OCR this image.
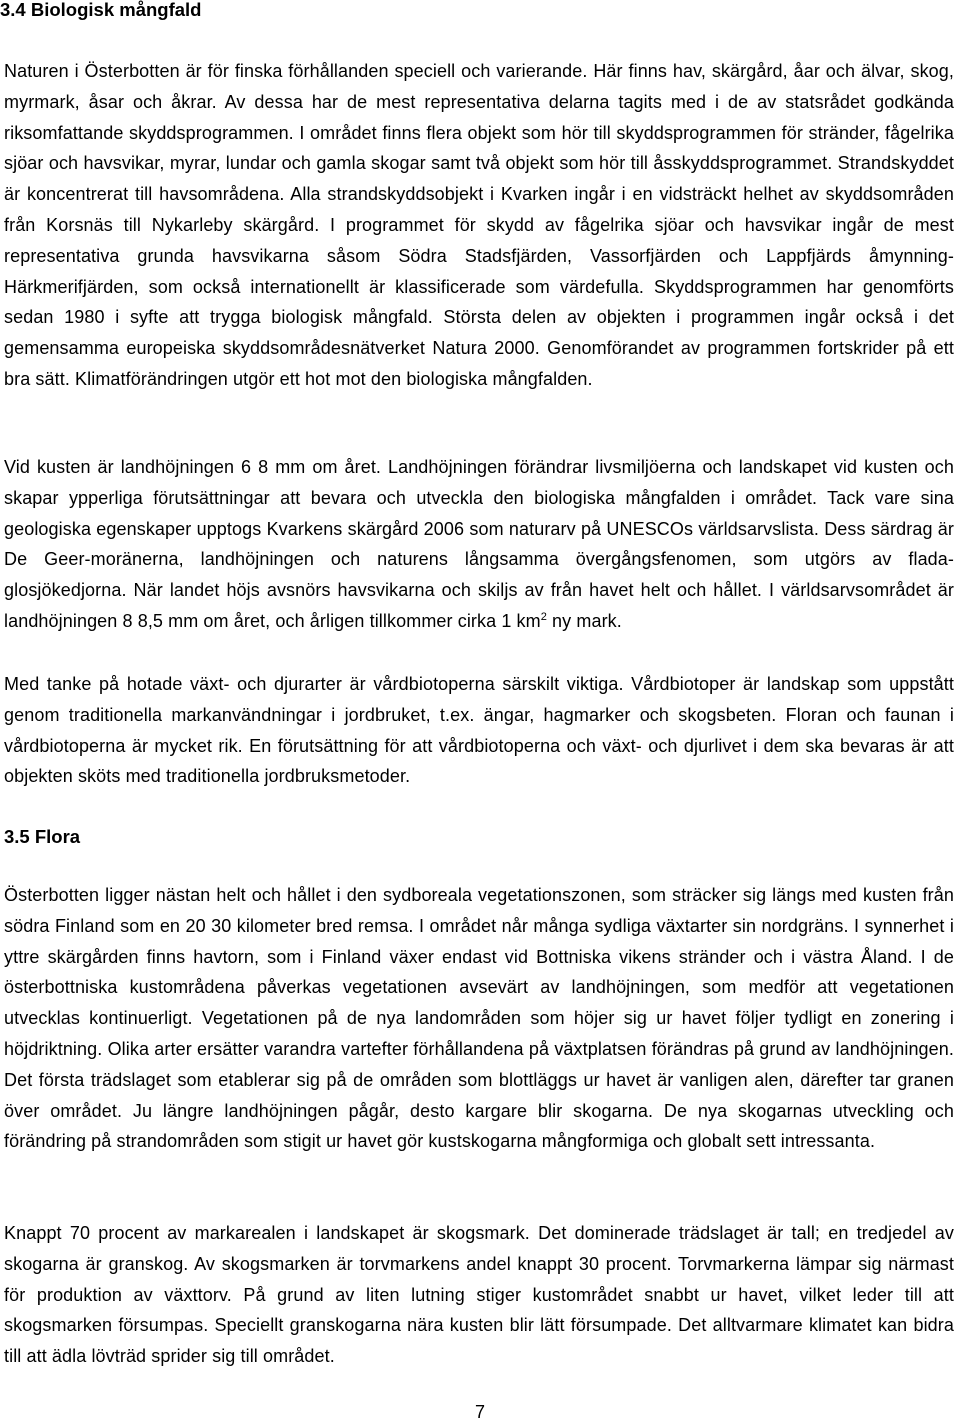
3.4 Biologisk mångfald

Naturen i Österbotten är för finska förhållanden speciell och varierande. Här finns hav, skärgård, åar och älvar, skog, myrmark, åsar och åkrar. Av dessa har de mest representativa delarna tagits med i de av statsrådet godkända riksomfattande skyddsprogrammen. I området finns flera objekt som hör till skyddsprogrammen för stränder, fågelrika sjöar och havsvikar, myrar, lundar och gamla skogar samt två objekt som hör till åsskyddsprogrammet. Strandskyddet är koncentrerat till havsområdena. Alla strandskyddsobjekt i Kvarken ingår i en vidsträckt helhet av skyddsområden från Korsnäs till Nykarleby skärgård. I programmet för skydd av fågelrika sjöar och havsvikar ingår de mest representativa grunda havsvikarna såsom Södra Stadsfjärden, Vassorfjärden och Lappfjärds åmynning-Härkmerifjärden, som också internationellt är klassificerade som värdefulla. Skyddsprogrammen har genomförts sedan 1980 i syfte att trygga biologisk mångfald. Största delen av objekten i programmen ingår också i det gemensamma europeiska skyddsområdesnätverket Natura 2000. Genomförandet av programmen fortskrider på ett bra sätt. Klimatförändringen utgör ett hot mot den biologiska mångfalden.

Vid kusten är landhöjningen 6 8 mm om året. Landhöjningen förändrar livsmiljöerna och landskapet vid kusten och skapar ypperliga förutsättningar att bevara och utveckla den biologiska mångfalden i området. Tack vare sina geologiska egenskaper upptogs Kvarkens skärgård 2006 som naturarv på UNESCOs världsarvslista. Dess särdrag är De Geer-moränerna, landhöjningen och naturens långsamma övergångsfenomen, som utgörs av flada-glosjökedjorna. När landet höjs avsnörs havsvikarna och skiljs av från havet helt och hållet. I världsarvsområdet är landhöjningen 8 8,5 mm om året, och årligen tillkommer cirka 1 $km^2$ ny mark.

Med tanke på hotade växt- och djurarter är vårdbiotoperna särskilt viktiga. Vårdbiotoper är landskap som uppstått genom traditionella markanvändningar i jordbruket, t.ex. ängar, hagmarker och skogsbeten. Floran och faunan i vårdbiotoperna är mycket rik. En förutsättning för att vårdbiotoperna och växt- och djurlivet i dem ska bevaras är att objekten sköts med traditionella jordbruksmetoder.

3.5 Flora

Österbotten ligger nästan helt och hållet i den sydboreala vegetationszonen, som sträcker sig längs med kusten från södra Finland som en 20 30 kilometer bred remsa. I området når många sydliga växtarter sin nordgräns. I synnerhet i yttre skärgården finns havtorn, som i Finland växer endast vid Bottniska vikens stränder och i västra Åland. I de österbottniska kustområdena påverkas vegetationen avsevärt av landhöjningen, som medför att vegetationen utvecklas kontinuerligt. Vegetationen på de nya landområden som höjer sig ur havet följer tydligt en zonering i höjdriktning. Olika arter ersätter varandra vartefter förhållandena på växtplatsen förändras på grund av landhöjningen. Det första trädslaget som etablerar sig på de områden som blottläggs ur havet är vanligen alen, därefter tar granen över området. Ju längre landhöjningen pågår, desto kargare blir skogarna. De nya skogarnas utveckling och förändring på strandområden som stigit ur havet gör kustskogarna mångformiga och globalt sett intressanta.

Knappt 70 procent av markarealen i landskapet är skogsmark. Det dominerade trädslaget är tall; en tredjedel av skogarna är granskog. Av skogsmarken är torvmarkens andel knappt 30 procent. Torvmarkerna lämpar sig närmast för produktion av växttorv. På grund av liten lutning stiger kustområdet snabbt ur havet, vilket leder till att skogsmarken försumpas. Speciellt granskogarna nära kusten blir lätt försumpade. Det alltvarmare klimatet kan bidra till att ädla lövträd sprider sig till området.

7
